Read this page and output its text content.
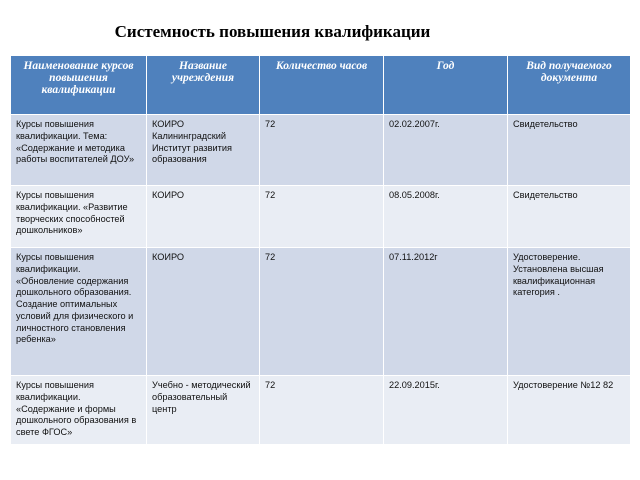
Системность повышения квалификации
Наименование курсов повышения квалификации	Название учреждения	Количество часов	Год	Вид получаемого документа
Курсы повышения квалификации. Тема: «Содержание и методика работы воспитателей ДОУ»	КОИРО Калининградский Институт развития образования	72	02.02.2007г.	Свидетельство
Курсы повышения квалификации. «Развитие творческих способностей дошкольников»	КОИРО	72	08.05.2008г.	Свидетельство
Курсы повышения квалификации. «Обновление содержания дошкольного образования. Создание оптимальных условий для физического и личностного становления ребенка»	КОИРО	72	07.11.2012г	Удостоверение. Установлена высшая квалификационная категория .
Курсы повышения квалификации. «Содержание и формы дошкольного образования в свете ФГОС»	Учебно - методический образовательный центр	72	22.09.2015г.	Удостоверение №12 82
